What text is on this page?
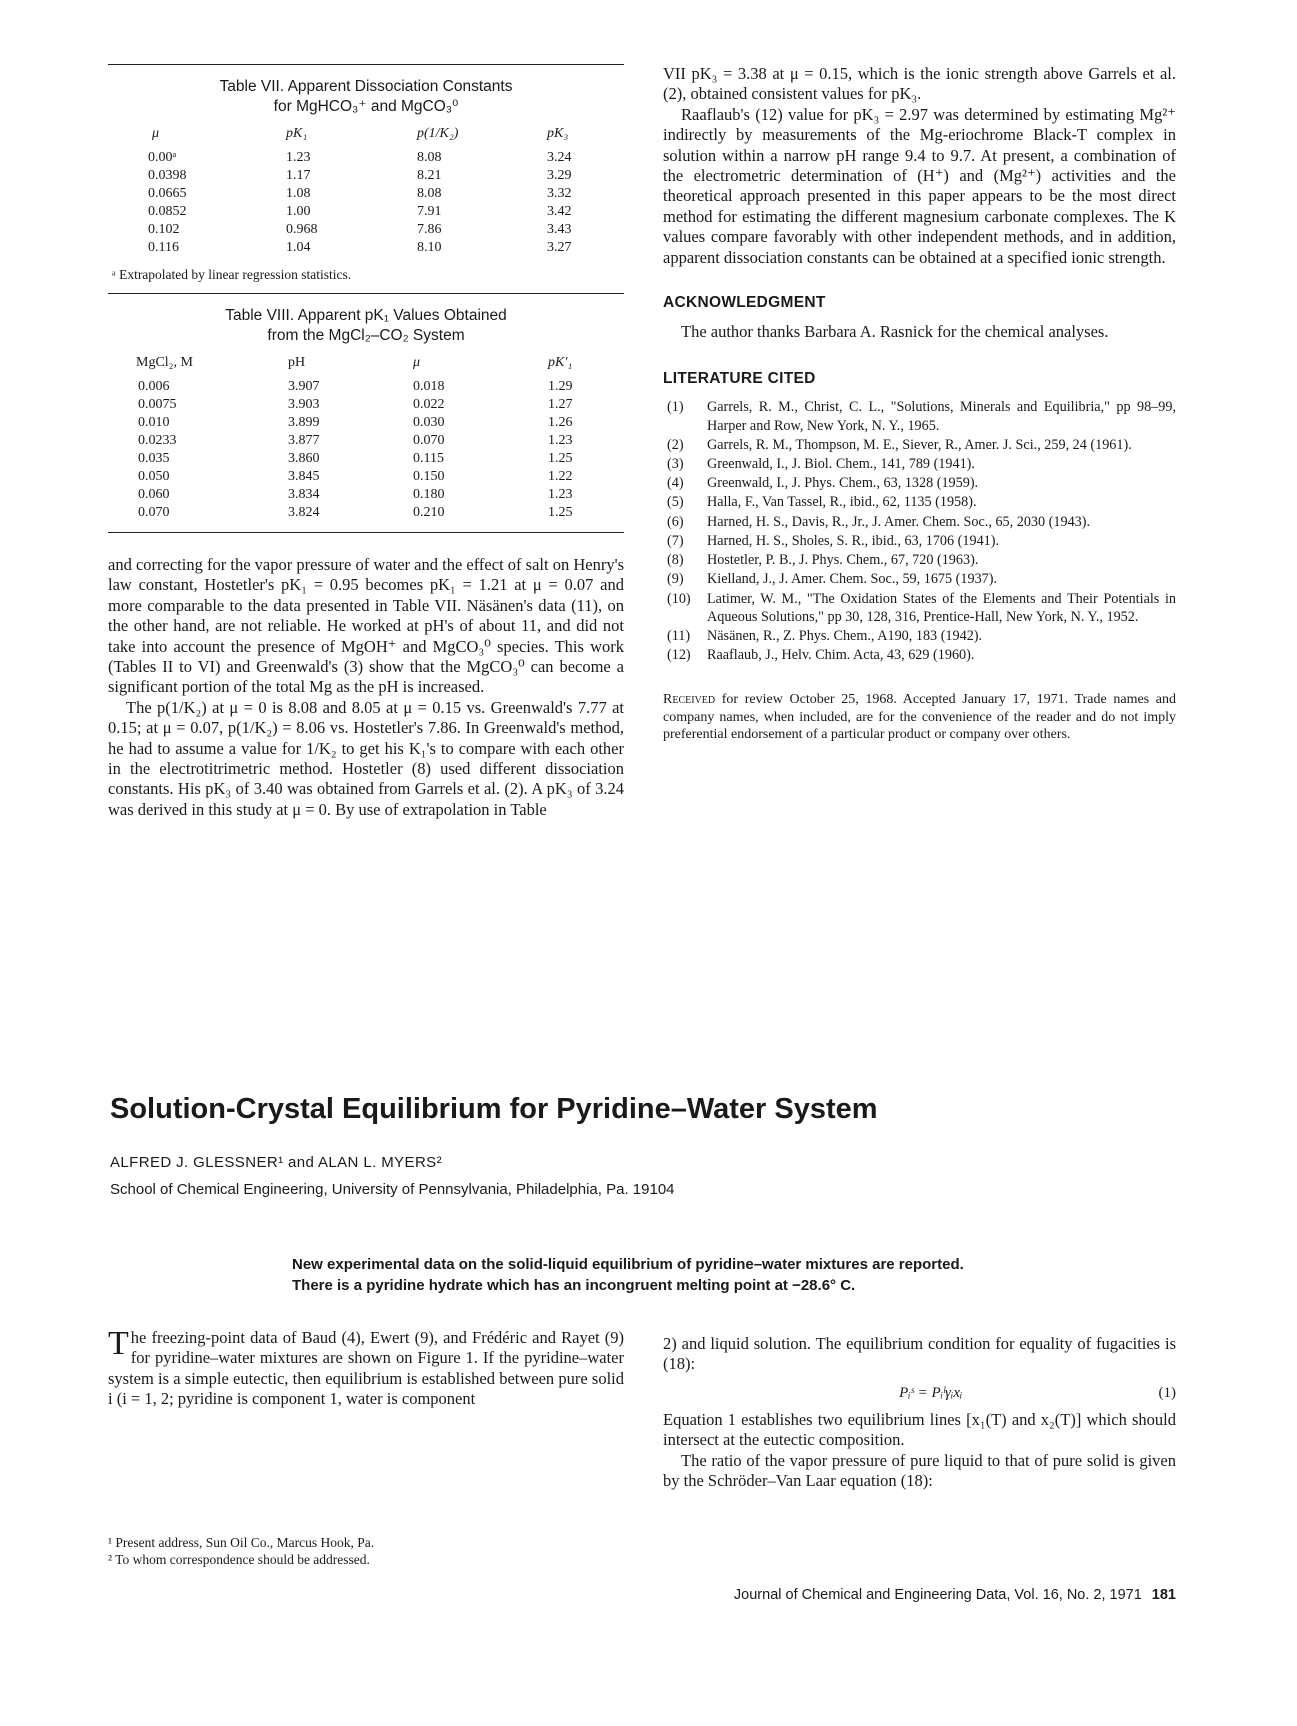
Table VII. Apparent Dissociation Constants
for MgHCO₃⁺ and MgCO₃⁰
μ	pK₁	p(1/K₂)	pK₃
0.00ᵃ	1.23	8.08	3.24
0.0398	1.17	8.21	3.29
0.0665	1.08	8.08	3.32
0.0852	1.00	7.91	3.42
0.102	0.968	7.86	3.43
0.116	1.04	8.10	3.27
ᵃ Extrapolated by linear regression statistics.
Table VIII. Apparent pK₁ Values Obtained
from the MgCl₂–CO₂ System
MgCl₂, M	pH	μ	pK′₁
0.006	3.907	0.018	1.29
0.0075	3.903	0.022	1.27
0.010	3.899	0.030	1.26
0.0233	3.877	0.070	1.23
0.035	3.860	0.115	1.25
0.050	3.845	0.150	1.22
0.060	3.834	0.180	1.23
0.070	3.824	0.210	1.25

and correcting for the vapor pressure of water and the effect of salt on Henry's law constant, Hostetler's pK₁ = 0.95 becomes pK₁ = 1.21 at μ = 0.07 and more comparable to the data presented in Table VII. Näsänen's data (11), on the other hand, are not reliable. He worked at pH's of about 11, and did not take into account the presence of MgOH⁺ and MgCO₃⁰ species. This work (Tables II to VI) and Greenwald's (3) show that the MgCO₃⁰ can become a significant portion of the total Mg as the pH is increased.

The p(1/K₂) at μ = 0 is 8.08 and 8.05 at μ = 0.15 vs. Greenwald's 7.77 at 0.15; at μ = 0.07, p(1/K₂) = 8.06 vs. Hostetler's 7.86. In Greenwald's method, he had to assume a value for 1/K₂ to get his K₁'s to compare with each other in the electrotitrimetric method. Hostetler (8) used different dissociation constants. His pK₃ of 3.40 was obtained from Garrels et al. (2). A pK₃ of 3.24 was derived in this study at μ = 0. By use of extrapolation in Table

VII pK₃ = 3.38 at μ = 0.15, which is the ionic strength above Garrels et al. (2), obtained consistent values for pK₃.

Raaflaub's (12) value for pK₃ = 2.97 was determined by estimating Mg²⁺ indirectly by measurements of the Mg-eriochrome Black-T complex in solution within a narrow pH range 9.4 to 9.7. At present, a combination of the electrometric determination of (H⁺) and (Mg²⁺) activities and the theoretical approach presented in this paper appears to be the most direct method for estimating the different magnesium carbonate complexes. The K values compare favorably with other independent methods, and in addition, apparent dissociation constants can be obtained at a specified ionic strength.

ACKNOWLEDGMENT

The author thanks Barbara A. Rasnick for the chemical analyses.

LITERATURE CITED
(1)	Garrels, R. M., Christ, C. L., "Solutions, Minerals and Equilibria," pp 98–99, Harper and Row, New York, N. Y., 1965.
(2)	Garrels, R. M., Thompson, M. E., Siever, R., Amer. J. Sci., 259, 24 (1961).
(3)	Greenwald, I., J. Biol. Chem., 141, 789 (1941).
(4)	Greenwald, I., J. Phys. Chem., 63, 1328 (1959).
(5)	Halla, F., Van Tassel, R., ibid., 62, 1135 (1958).
(6)	Harned, H. S., Davis, R., Jr., J. Amer. Chem. Soc., 65, 2030 (1943).
(7)	Harned, H. S., Sholes, S. R., ibid., 63, 1706 (1941).
(8)	Hostetler, P. B., J. Phys. Chem., 67, 720 (1963).
(9)	Kielland, J., J. Amer. Chem. Soc., 59, 1675 (1937).
(10)	Latimer, W. M., "The Oxidation States of the Elements and Their Potentials in Aqueous Solutions," pp 30, 128, 316, Prentice-Hall, New York, N. Y., 1952.
(11)	Näsänen, R., Z. Phys. Chem., A190, 183 (1942).
(12)	Raaflaub, J., Helv. Chim. Acta, 43, 629 (1960).

Received for review October 25, 1968. Accepted January 17, 1971. Trade names and company names, when included, are for the convenience of the reader and do not imply preferential endorsement of a particular product or company over others.

Solution-Crystal Equilibrium for Pyridine–Water System

ALFRED J. GLESSNER¹ and ALAN L. MYERS²

School of Chemical Engineering, University of Pennsylvania, Philadelphia, Pa. 19104

New experimental data on the solid-liquid equilibrium of pyridine–water mixtures are reported. There is a pyridine hydrate which has an incongruent melting point at −28.6° C.

The freezing-point data of Baud (4), Ewert (9), and Frédéric and Rayet (9) for pyridine–water mixtures are shown on Figure 1. If the pyridine–water system is a simple eutectic, then equilibrium is established between pure solid i (i = 1, 2; pyridine is component 1, water is component

¹ Present address, Sun Oil Co., Marcus Hook, Pa.
² To whom correspondence should be addressed.

2) and liquid solution. The equilibrium condition for equality of fugacities is (18):

Pᵢˢ = Pᵢˡγᵢxᵢ	(1)

Equation 1 establishes two equilibrium lines [x₁(T) and x₂(T)] which should intersect at the eutectic composition.

The ratio of the vapor pressure of pure liquid to that of pure solid is given by the Schröder–Van Laar equation (18):

Journal of Chemical and Engineering Data, Vol. 16, No. 2, 1971 181
